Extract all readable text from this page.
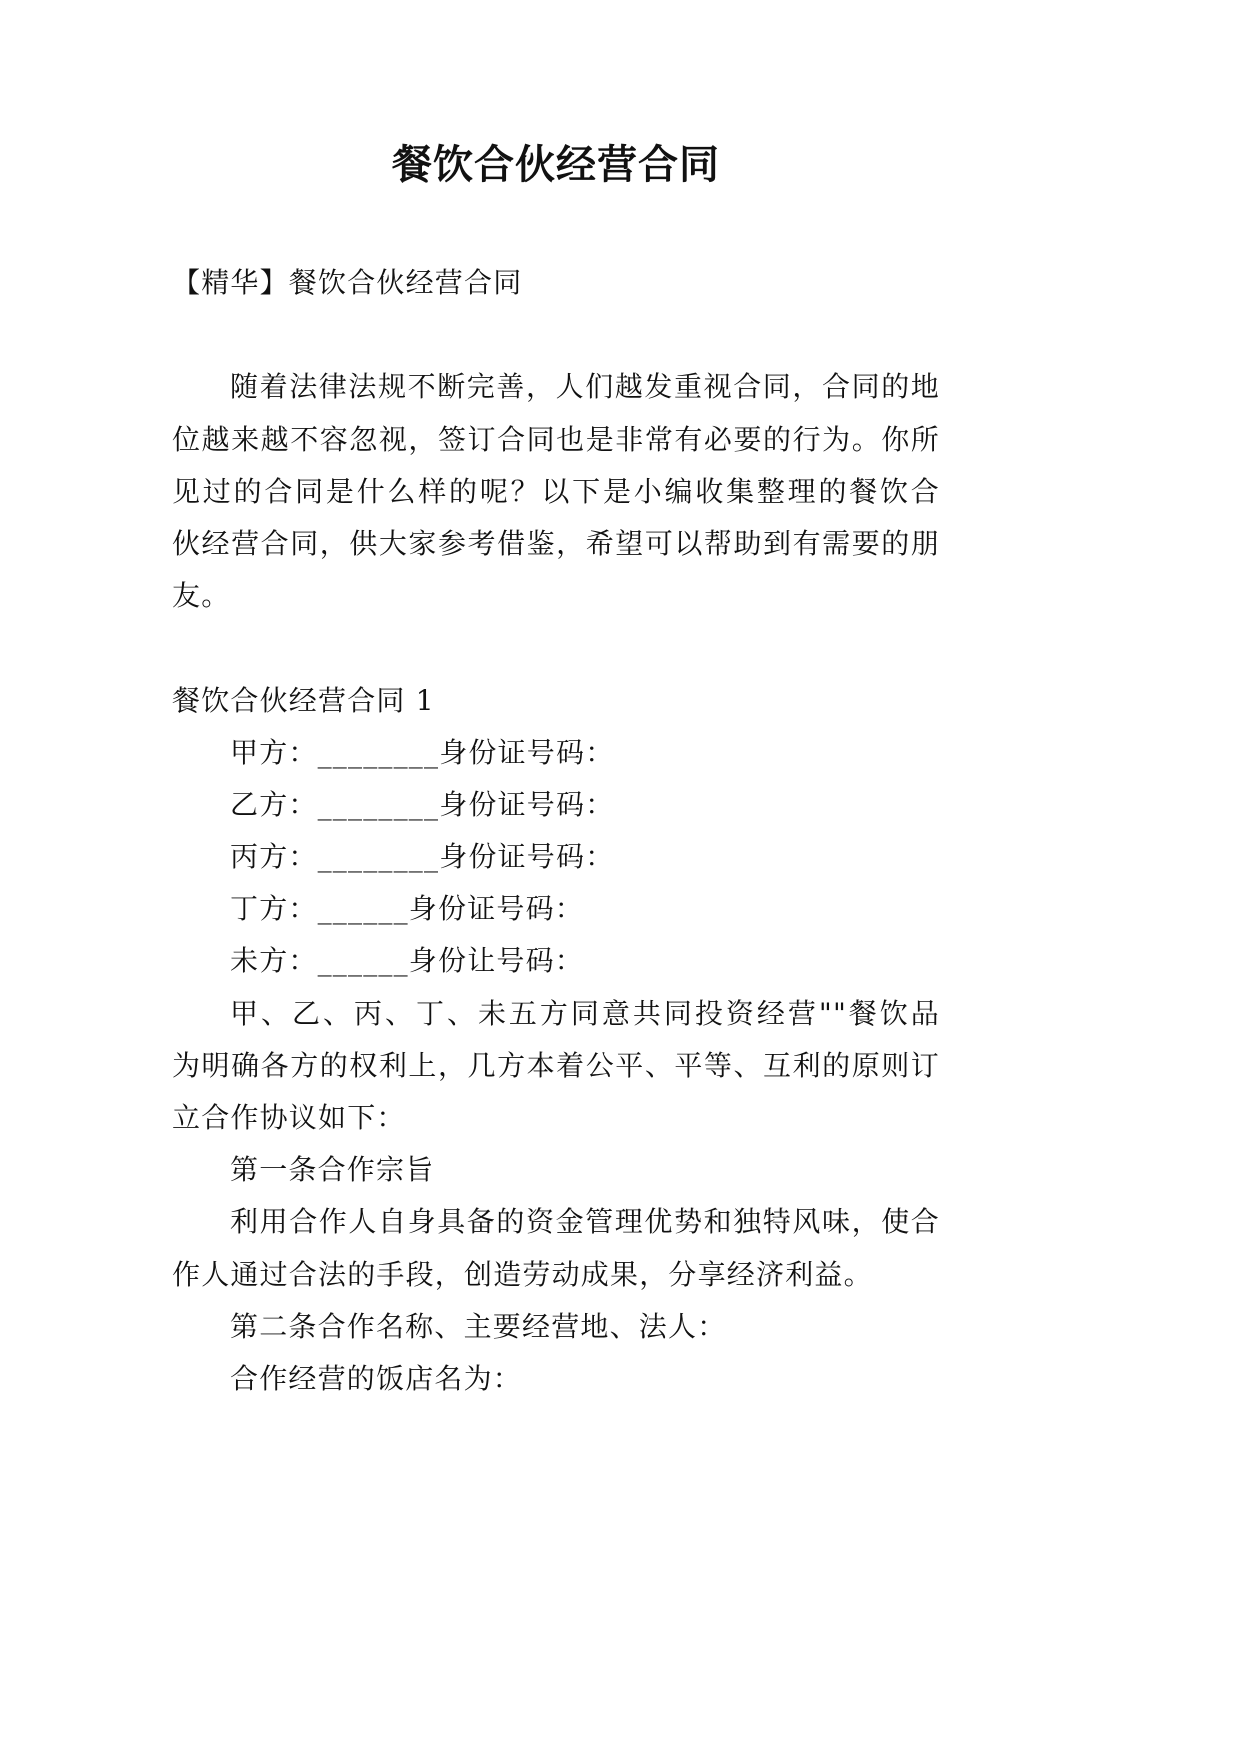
餐饮合伙经营合同
【精华】餐饮合伙经营合同
随着法律法规不断完善，人们越发重视合同，合同的地
位越来越不容忽视，签订合同也是非常有必要的行为。你所
见过的合同是什么样的呢？以下是小编收集整理的餐饮合
伙经营合同，供大家参考借鉴，希望可以帮助到有需要的朋
友。
餐饮合伙经营合同 1
甲方：________身份证号码：
乙方：________身份证号码：
丙方：________身份证号码：
丁方：______身份证号码：
未方：______身份让号码：
甲、乙、丙、丁、未五方同意共同投资经营""餐饮品
为明确各方的权利上，几方本着公平、平等、互利的原则订
立合作协议如下：
第一条合作宗旨
利用合作人自身具备的资金管理优势和独特风味，使合
作人通过合法的手段，创造劳动成果，分享经济利益。
第二条合作名称、主要经营地、法人：
合作经营的饭店名为：
